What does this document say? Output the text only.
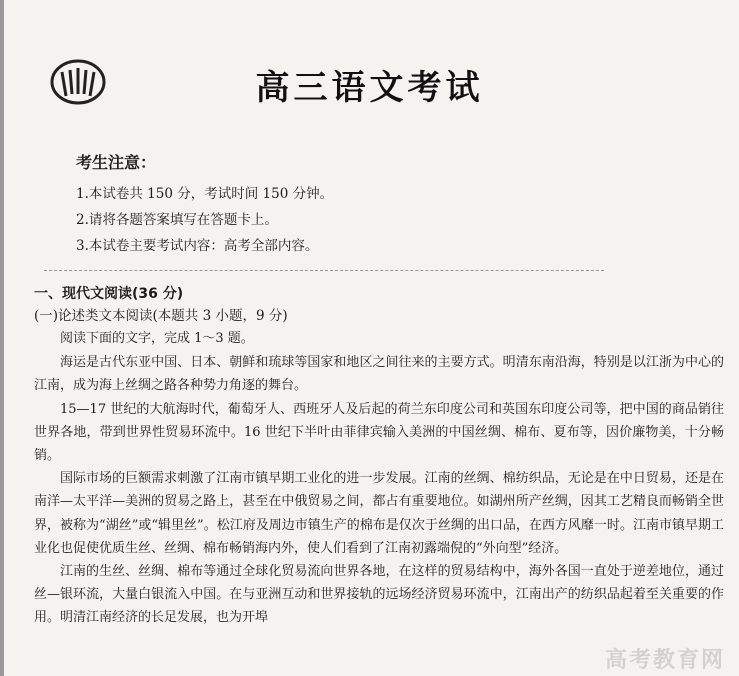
高三语文考试

考生注意：

1.本试卷共 150 分，考试时间 150 分钟。

2.请将各题答案填写在答题卡上。

3.本试卷主要考试内容：高考全部内容。

一、现代文阅读(36 分)

(一)论述类文本阅读(本题共 3 小题，9 分)

阅读下面的文字，完成 1～3 题。

海运是古代东亚中国、日本、朝鲜和琉球等国家和地区之间往来的主要方式。明清东南沿海，特别是以江浙为中心的江南，成为海上丝绸之路各种势力角逐的舞台。

15—17 世纪的大航海时代，葡萄牙人、西班牙人及后起的荷兰东印度公司和英国东印度公司等，把中国的商品销往世界各地，带到世界性贸易环流中。16 世纪下半叶由菲律宾输入美洲的中国丝绸、棉布、夏布等，因价廉物美，十分畅销。

国际市场的巨额需求刺激了江南市镇早期工业化的进一步发展。江南的丝绸、棉纺织品，无论是在中日贸易，还是在南洋—太平洋—美洲的贸易之路上，甚至在中俄贸易之间，都占有重要地位。如湖州所产丝绸，因其工艺精良而畅销全世界，被称为“湖丝”或“辑里丝”。松江府及周边市镇生产的棉布是仅次于丝绸的出口品，在西方风靡一时。江南市镇早期工业化也促使优质生丝、丝绸、棉布畅销海内外，使人们看到了江南初露端倪的“外向型”经济。

江南的生丝、丝绸、棉布等通过全球化贸易流向世界各地，在这样的贸易结构中，海外各国一直处于逆差地位，通过丝—银环流，大量白银流入中国。在与亚洲互动和世界接轨的远场经济贸易环流中，江南出产的纺织品起着至关重要的作用。明清江南经济的长足发展，也为开埠

高考教育网
